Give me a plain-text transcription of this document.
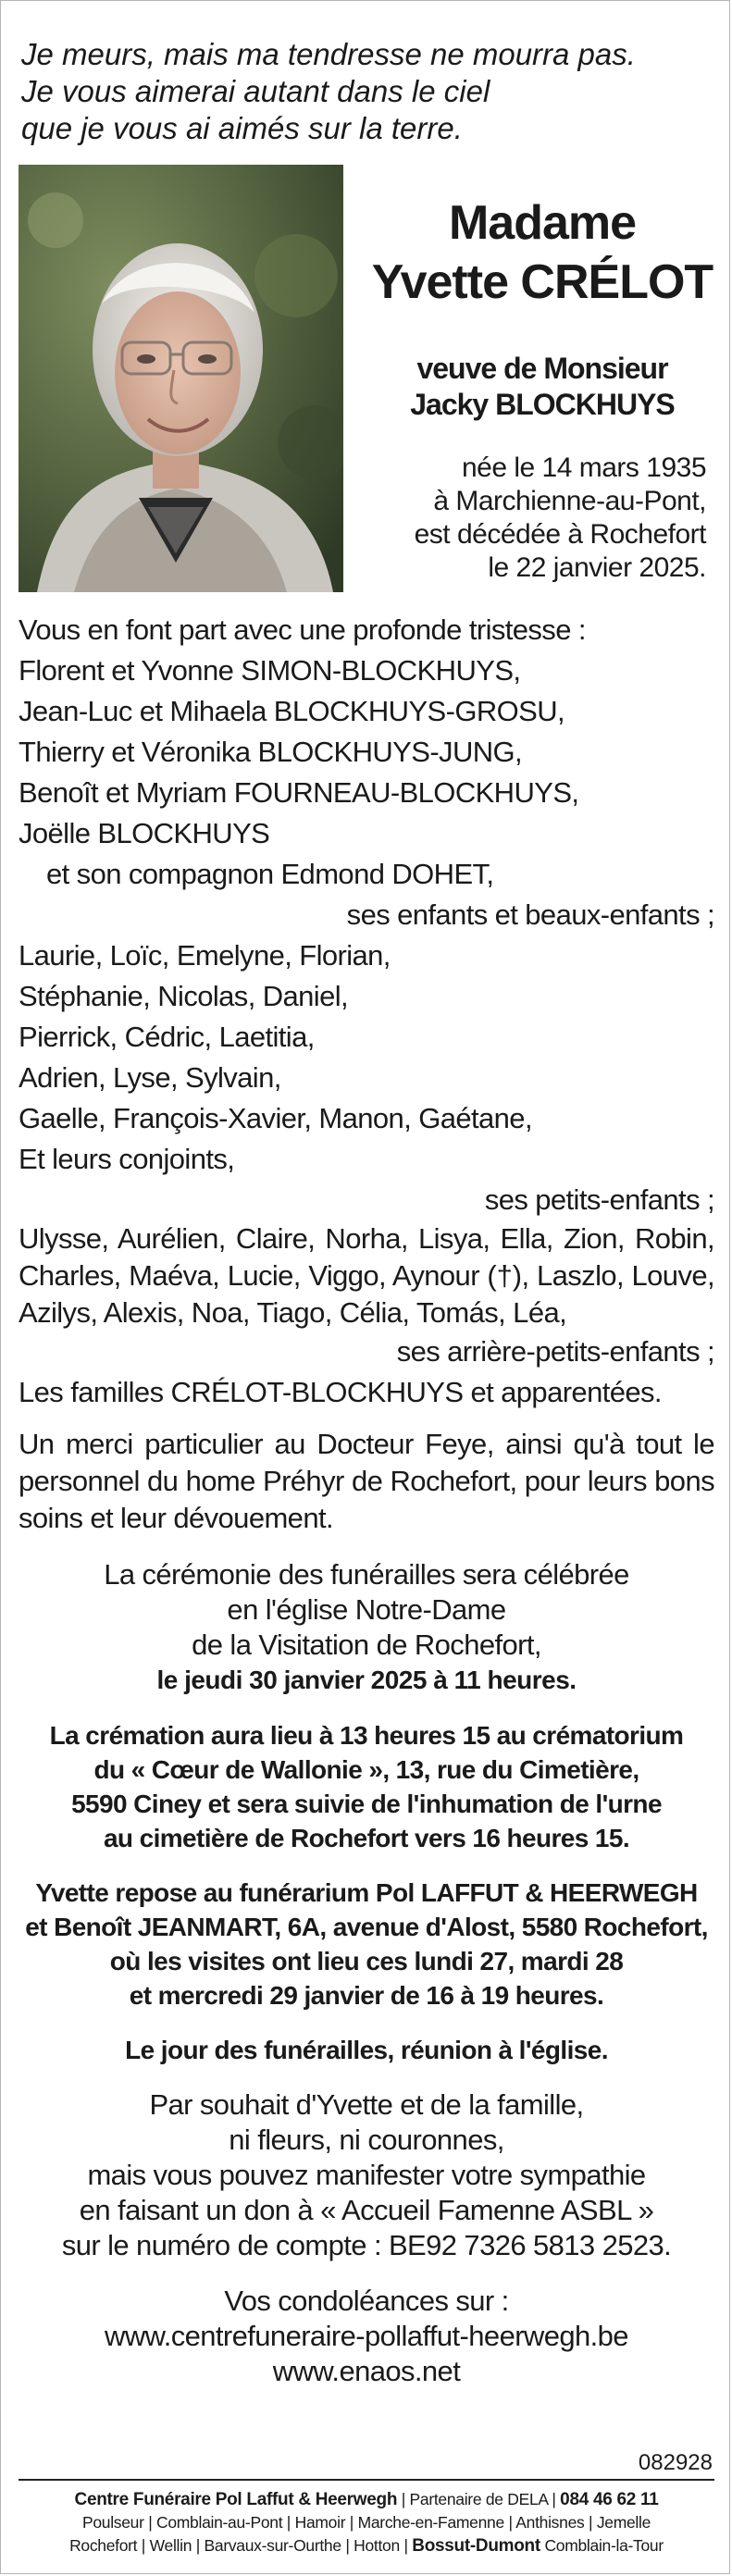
Je meurs, mais ma tendresse ne mourra pas.
Je vous aimerai autant dans le ciel
que je vous ai aimés sur la terre.
Madame
Yvette CRÉLOT
veuve de Monsieur
Jacky BLOCKHUYS
née le 14 mars 1935
à Marchienne-au-Pont,
est décédée à Rochefort
le 22 janvier 2025.
Vous en font part avec une profonde tristesse :
Florent et Yvonne SIMON-BLOCKHUYS,
Jean-Luc et Mihaela BLOCKHUYS-GROSU,
Thierry et Véronika BLOCKHUYS-JUNG,
Benoît et Myriam FOURNEAU-BLOCKHUYS,
Joëlle BLOCKHUYS
et son compagnon Edmond DOHET,
ses enfants et beaux-enfants ;
Laurie, Loïc, Emelyne, Florian,
Stéphanie, Nicolas, Daniel,
Pierrick, Cédric, Laetitia,
Adrien, Lyse, Sylvain,
Gaelle, François-Xavier, Manon, Gaétane,
Et leurs conjoints,
ses petits-enfants ;
Ulysse, Aurélien, Claire, Norha, Lisya, Ella, Zion, Robin, Charles, Maéva, Lucie, Viggo, Aynour (†), Laszlo, Louve, Azilys, Alexis, Noa, Tiago, Célia, Tomás, Léa,
ses arrière-petits-enfants ;
Les familles CRÉLOT-BLOCKHUYS et apparentées.
Un merci particulier au Docteur Feye, ainsi qu'à tout le personnel du home Préhyr de Rochefort, pour leurs bons soins et leur dévouement.
La cérémonie des funérailles sera célébrée
en l'église Notre-Dame
de la Visitation de Rochefort,
le jeudi 30 janvier 2025 à 11 heures.
La crémation aura lieu à 13 heures 15 au crématorium
du « Cœur de Wallonie », 13, rue du Cimetière,
5590 Ciney et sera suivie de l'inhumation de l'urne
au cimetière de Rochefort vers 16 heures 15.
Yvette repose au funérarium Pol LAFFUT & HEERWEGH
et Benoît JEANMART, 6A, avenue d'Alost, 5580 Rochefort,
où les visites ont lieu ces lundi 27, mardi 28
et mercredi 29 janvier de 16 à 19 heures.
Le jour des funérailles, réunion à l'église.
Par souhait d'Yvette et de la famille,
ni fleurs, ni couronnes,
mais vous pouvez manifester votre sympathie
en faisant un don à « Accueil Famenne ASBL »
sur le numéro de compte : BE92 7326 5813 2523.
Vos condoléances sur :
www.centrefuneraire-pollaffut-heerwegh.be
www.enaos.net
082928
Centre Funéraire Pol Laffut & Heerwegh | Partenaire de DELA | 084 46 62 11
Poulseur | Comblain-au-Pont | Hamoir | Marche-en-Famenne | Anthisnes | Jemelle
Rochefort | Wellin | Barvaux-sur-Ourthe | Hotton | Bossut-Dumont Comblain-la-Tour
